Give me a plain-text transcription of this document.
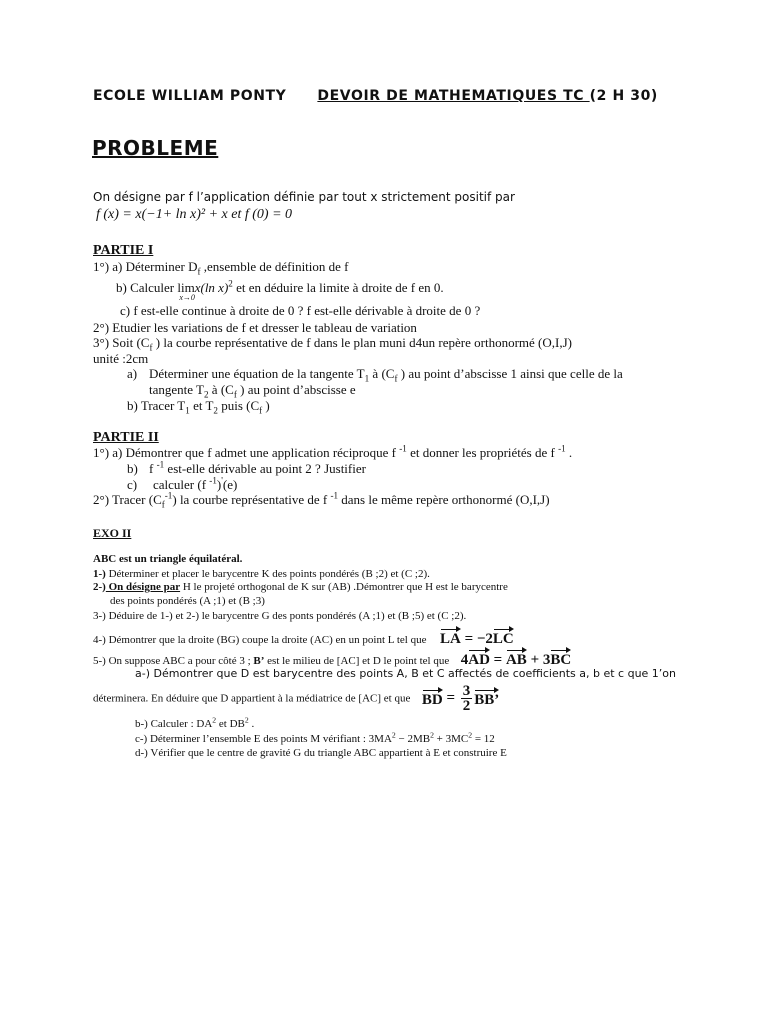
ECOLE WILLIAM PONTY DEVOIR DE MATHEMATIQUES TC (2 H 30)
PROBLEME
On désigne par f l’application définie par tout x strictement positif par
f (x) = x(−1+ ln x)² + x et f (0) = 0
PARTIE I
1°) a) Déterminer $D_f$ ,ensemble de définition de f
b) Calculer lim
x→0
x(ln x)$^2$ et en déduire la limite à droite de f en 0.
c) f est-elle continue à droite de 0 ? f est-elle dérivable à droite de 0 ?
2°) Etudier les variations de f et dresser le tableau de variation
3°) Soit ($C_f$ ) la courbe représentative de f dans le plan muni d4un repère orthonormé (O,I,J)
unité :2cm
a) Déterminer une équation de la tangente $T_1$ à ($C_f$ ) au point d’abscisse 1 ainsi que celle de la
tangente $T_2$ à ($C_f$ ) au point d’abscisse e
b) Tracer $T_1$ et $T_2$ puis ($C_f$ )
PARTIE II
1°) a) Démontrer que f admet une application réciproque f $^{-1}$ et donner les propriétés de f $^{-1}$ .
b) f $^{-1}$ est-elle dérivable au point 2 ? Justifier
c) calculer (f $^{-1}$)'(e)
2°) Tracer $(C_f^{-1})$ la courbe représentative de f $^{-1}$ dans le même repère orthonormé (O,I,J)
EXO II
ABC est un triangle équilatéral.
1-) Déterminer et placer le barycentre K des points pondérés (B ;2) et (C ;2).
2-) On désigne par H le projeté orthogonal de K sur (AB) .Démontrer que H est le barycentre
des points pondérés (A ;1) et (B ;3)
3-) Déduire de 1-) et 2-) le barycentre G des ponts pondérés (A ;1) et (B ;5) et (C ;2).
4-) Démontrer que la droite (BG) coupe la droite (AC) en un point L tel que LA = −2LC
5-) On suppose ABC a pour côté 3 ; B’ est le milieu de [AC] et D le point tel que 4AD = AB + 3BC
a-) Démontrer que D est barycentre des points A, B et C affectés de coefficients a, b et c que 1’on
déterminera. En déduire que D appartient à la médiatrice de [AC] et que BD = $\frac{3}{2}$ BB’
b-) Calculer : $DA^2$ et $DB^2$ .
c-) Déterminer l’ensemble E des points M vérifiant : $3MA^2 - 2MB^2 + 3MC^2 = 12$
d-) Vérifier que le centre de gravité G du triangle ABC appartient à E et construire E
